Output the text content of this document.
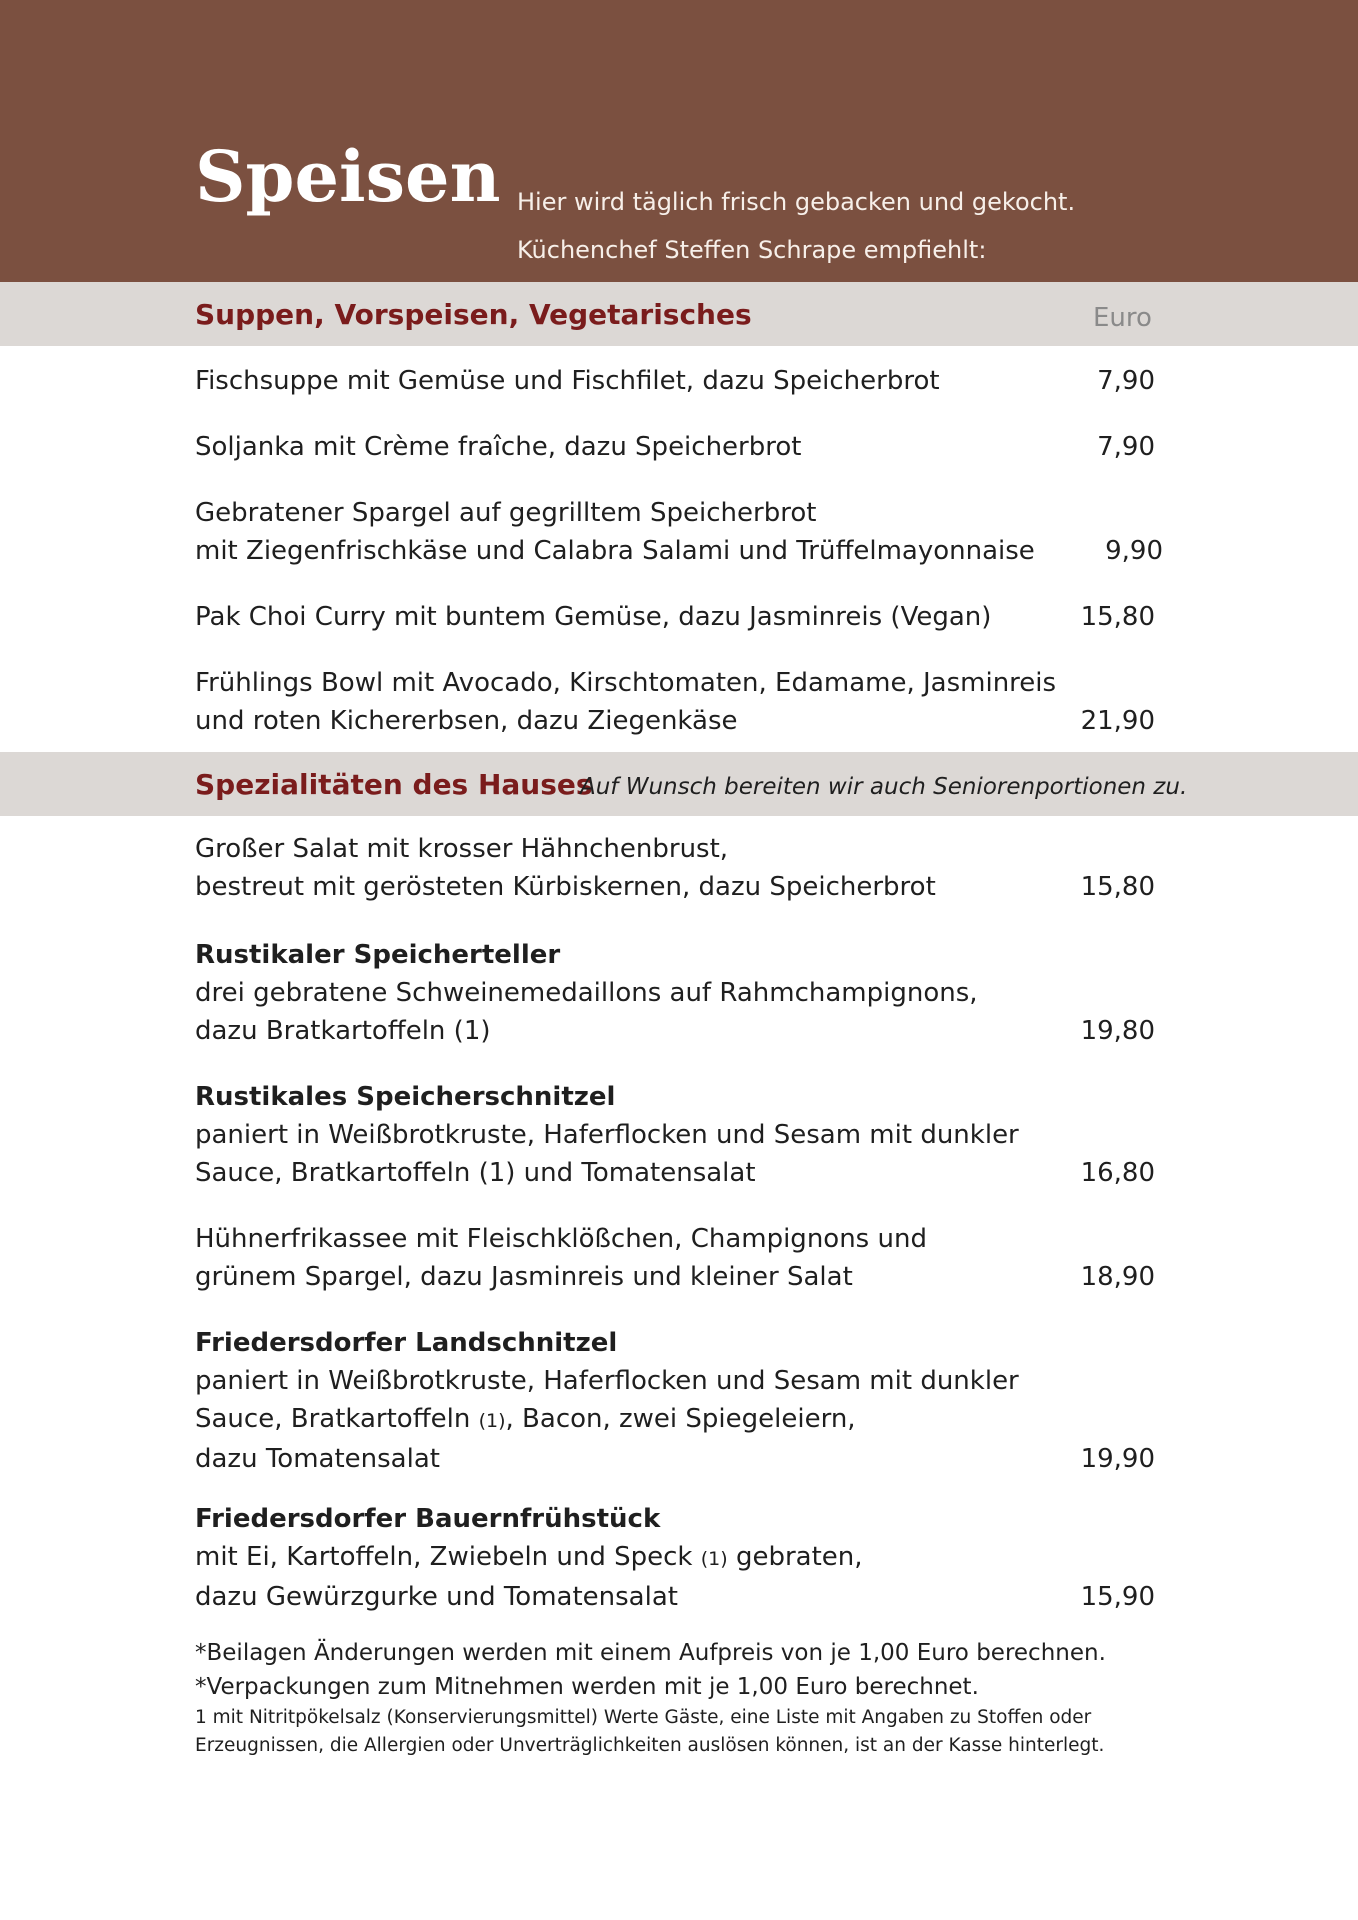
Speisen Hier wird täglich frisch gebacken und gekocht.
Küchenchef Steffen Schrape empfiehlt:
Suppen, Vorspeisen, Vegetarisches	Euro
Fischsuppe mit Gemüse und Fischfilet, dazu Speicherbrot	7,90
Soljanka mit Crème fraîche, dazu Speicherbrot	7,90
Gebratener Spargel auf gegrilltem Speicherbrot
mit Ziegenfrischkäse und Calabra Salami und Trüffelmayonnaise	9,90
Pak Choi Curry mit buntem Gemüse, dazu Jasminreis (Vegan)	15,80
Frühlings Bowl mit Avocado, Kirschtomaten, Edamame, Jasminreis
und roten Kichererbsen, dazu Ziegenkäse	21,90
Spezialitäten des Hauses
Auf Wunsch bereiten wir auch Seniorenportionen zu.
Großer Salat mit krosser Hähnchenbrust,
bestreut mit gerösteten Kürbiskernen, dazu Speicherbrot	15,80
Rustikaler Speicherteller
drei gebratene Schweinemedaillons auf Rahmchampignons,
dazu Bratkartoffeln (1)	19,80
Rustikales Speicherschnitzel
paniert in Weißbrotkruste, Haferflocken und Sesam mit dunkler
Sauce, Bratkartoffeln (1) und Tomatensalat	16,80
Hühnerfrikassee mit Fleischklößchen, Champignons und
grünem Spargel, dazu Jasminreis und kleiner Salat	18,90
Friedersdorfer Landschnitzel
paniert in Weißbrotkruste, Haferflocken und Sesam mit dunkler
Sauce, Bratkartoffeln (1), Bacon, zwei Spiegeleiern,
dazu Tomatensalat	19,90
Friedersdorfer Bauernfrühstück
mit Ei, Kartoffeln, Zwiebeln und Speck (1) gebraten,
dazu Gewürzgurke und Tomatensalat	15,90
*Beilagen Änderungen werden mit einem Aufpreis von je 1,00 Euro berechnen.
*Verpackungen zum Mitnehmen werden mit je 1,00 Euro berechnet.
1 mit Nitritpökelsalz (Konservierungsmittel) Werte Gäste, eine Liste mit Angaben zu Stoffen oder
Erzeugnissen, die Allergien oder Unverträglichkeiten auslösen können, ist an der Kasse hinterlegt.
